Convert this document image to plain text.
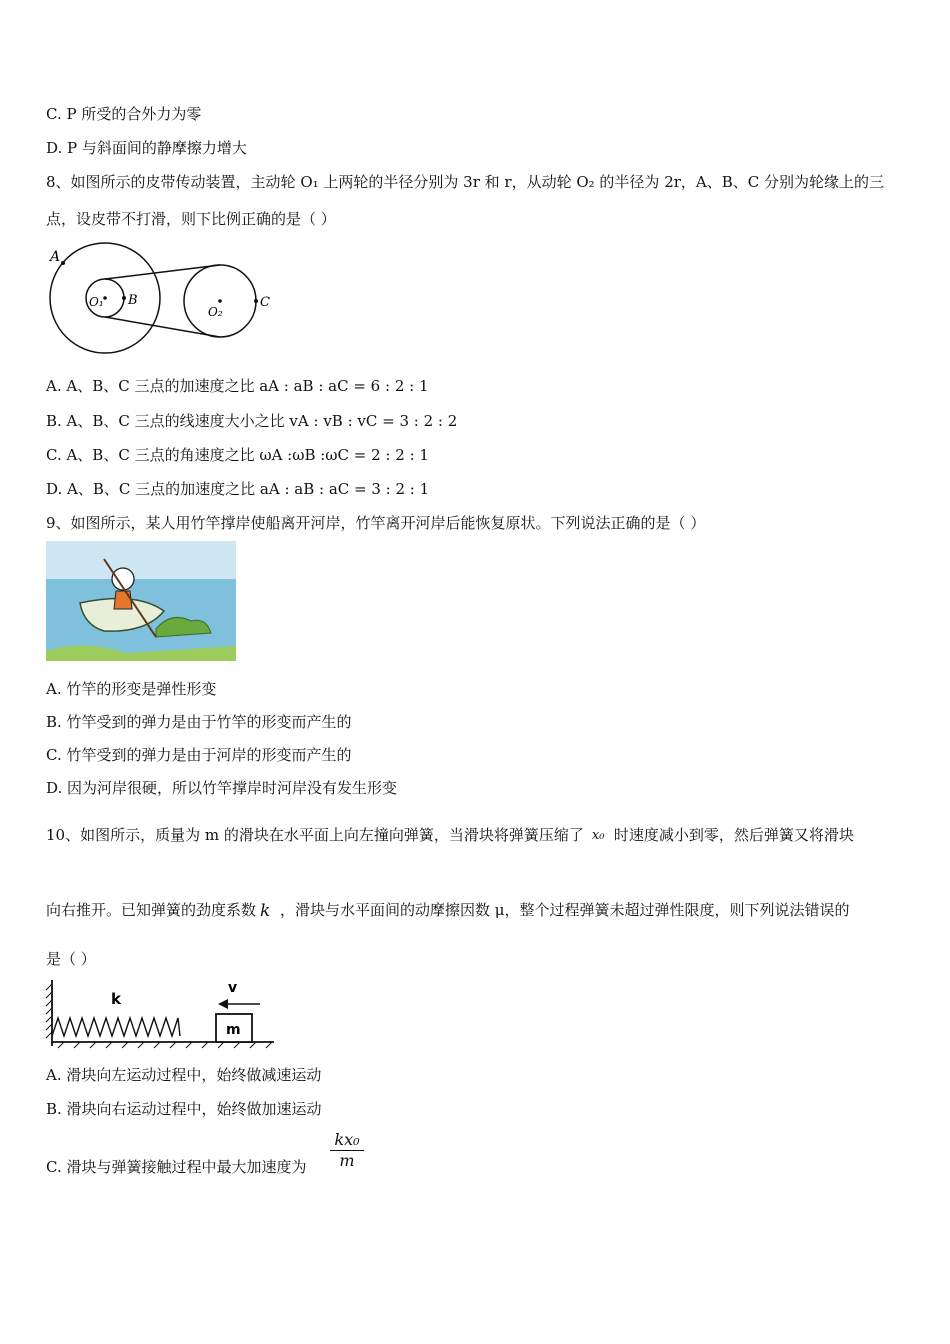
C. P 所受的合外力为零
D. P 与斜面间的静摩擦力增大
8、如图所示的皮带传动装置，主动轮 O₁ 上两轮的半径分别为 3r 和 r，从动轮 O₂ 的半径为 2r，A、B、C 分别为轮缘上的三
点，设皮带不打滑，则下比例正确的是（ ）
A
B	C
O₁
O₂
A. A、B、C 三点的加速度之比 aA : aB : aC = 6 : 2 : 1
B. A、B、C 三点的线速度大小之比 vA : vB : vC = 3 : 2 : 2
C. A、B、C 三点的角速度之比 ωA :ωB :ωC = 2 : 2 : 1
D. A、B、C 三点的加速度之比 aA : aB : aC = 3 : 2 : 1
9、如图所示，某人用竹竿撑岸使船离开河岸，竹竿离开河岸后能恢复原状。下列说法正确的是（ ）
A. 竹竿的形变是弹性形变
B. 竹竿受到的弹力是由于竹竿的形变而产生的
C. 竹竿受到的弹力是由于河岸的形变而产生的
D. 因为河岸很硬，所以竹竿撑岸时河岸没有发生形变
10、如图所示，质量为 m 的滑块在水平面上向左撞向弹簧，当滑块将弹簧压缩了 x₀ 时速度减小到零，然后弹簧又将滑块
向右推开。已知弹簧的劲度系数 k ，滑块与水平面间的动摩擦因数 μ，整个过程弹簧未超过弹性限度，则下列说法错误的
是（ ）
m
k
v
A. 滑块向左运动过程中，始终做减速运动
B. 滑块向右运动过程中，始终做加速运动
C. 滑块与弹簧接触过程中最大加速度为 $\frac{\text{kx₀}}{m}$
